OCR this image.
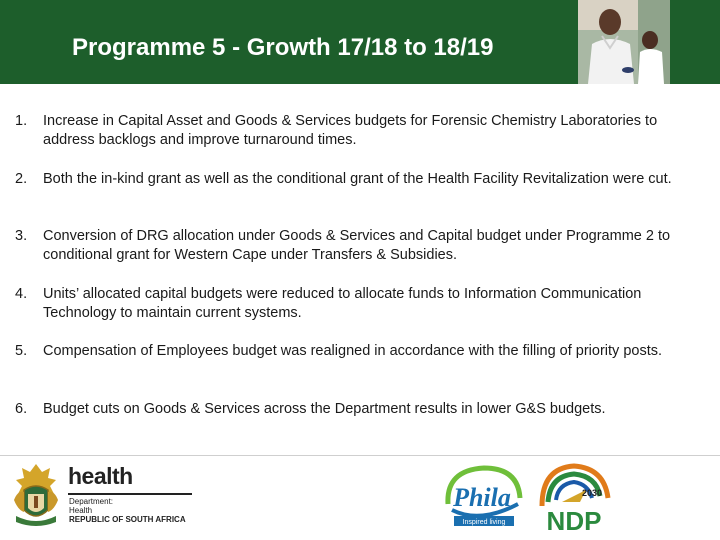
Programme 5 - Growth 17/18 to 18/19
1. Increase in Capital Asset and Goods & Services budgets for Forensic Chemistry Laboratories to address backlogs and improve turnaround times.
2. Both the in-kind grant as well as the conditional grant of the Health Facility Revitalization were cut.
3. Conversion of DRG allocation under Goods & Services and Capital budget under Programme 2 to conditional grant for Western Cape under Transfers & Subsidies.
4. Units’ allocated capital budgets were reduced to allocate funds to Information Communication Technology to maintain current systems.
5. Compensation of Employees budget was realigned in accordance with the filling of priority posts.
6. Budget cuts on Goods & Services across the Department results in lower G&S budgets.
health
Department:
Health
REPUBLIC OF SOUTH AFRICA
Phila
Inspired living
2030
NDP
